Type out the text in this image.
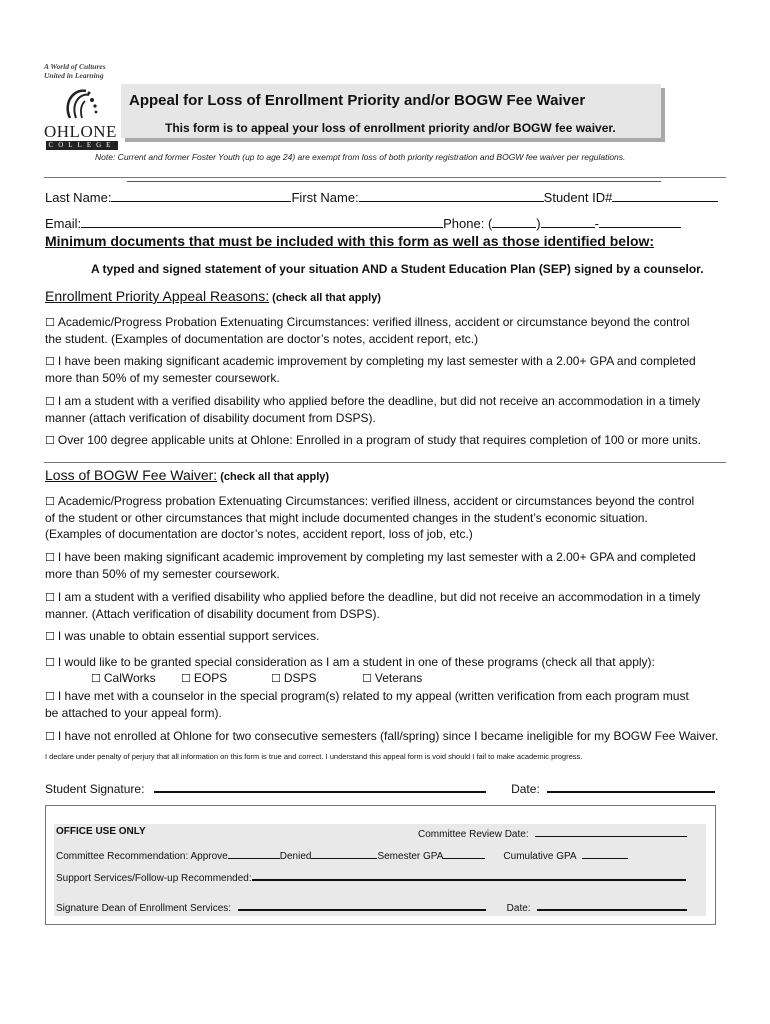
A World of Cultures
United in Learning
OHLONE
COLLEGE
Appeal for Loss of Enrollment Priority and/or BOGW Fee Waiver
This form is to appeal your loss of enrollment priority and/or BOGW fee waiver.
Note: Current and former Foster Youth (up to age 24) are exempt from loss of both priority registration and BOGW fee waiver per regulations.
Last Name:	First Name:	Student ID#
Email:	Phone: (	)	-
Minimum documents that must be included with this form as well as those identified below:
A typed and signed statement of your situation AND a Student Education Plan (SEP) signed by a counselor.
Enrollment Priority Appeal Reasons: (check all that apply)
☐ Academic/Progress Probation Extenuating Circumstances: verified illness, accident or circumstance beyond the control the student. (Examples of documentation are doctor’s notes, accident report, etc.)
☐ I have been making significant academic improvement by completing my last semester with a 2.00+ GPA and completed more than 50% of my semester coursework.
☐ I am a student with a verified disability who applied before the deadline, but did not receive an accommodation in a timely manner (attach verification of disability document from DSPS).
☐ Over 100 degree applicable units at Ohlone: Enrolled in a program of study that requires completion of 100 or more units.
Loss of BOGW Fee Waiver: (check all that apply)
☐ Academic/Progress probation Extenuating Circumstances: verified illness, accident or circumstances beyond the control of the student or other circumstances that might include documented changes in the student’s economic situation. (Examples of documentation are doctor’s notes, accident report, loss of job, etc.)
☐ I have been making significant academic improvement by completing my last semester with a 2.00+ GPA and completed more than 50% of my semester coursework.
☐ I am a student with a verified disability who applied before the deadline, but did not receive an accommodation in a timely manner. (Attach verification of disability document from DSPS).
☐ I was unable to obtain essential support services.
☐ I would like to be granted special consideration as I am a student in one of these programs (check all that apply):
☐ CalWorks ☐ EOPS	☐ DSPS	☐ Veterans
☐ I have met with a counselor in the special program(s) related to my appeal (written verification from each program must be attached to your appeal form).
☐ I have not enrolled at Ohlone for two consecutive semesters (fall/spring) since I became ineligible for my BOGW Fee Waiver.
I declare under penalty of perjury that all information on this form is true and correct. I understand this appeal form is void should I fail to make academic progress.
Student Signature:	Date:
OFFICE USE ONLY	Committee Review Date:
Committee Recommendation: Approve	Denied	Semester GPA	Cumulative GPA
Support Services/Follow-up Recommended:
Signature Dean of Enrollment Services:	Date:
